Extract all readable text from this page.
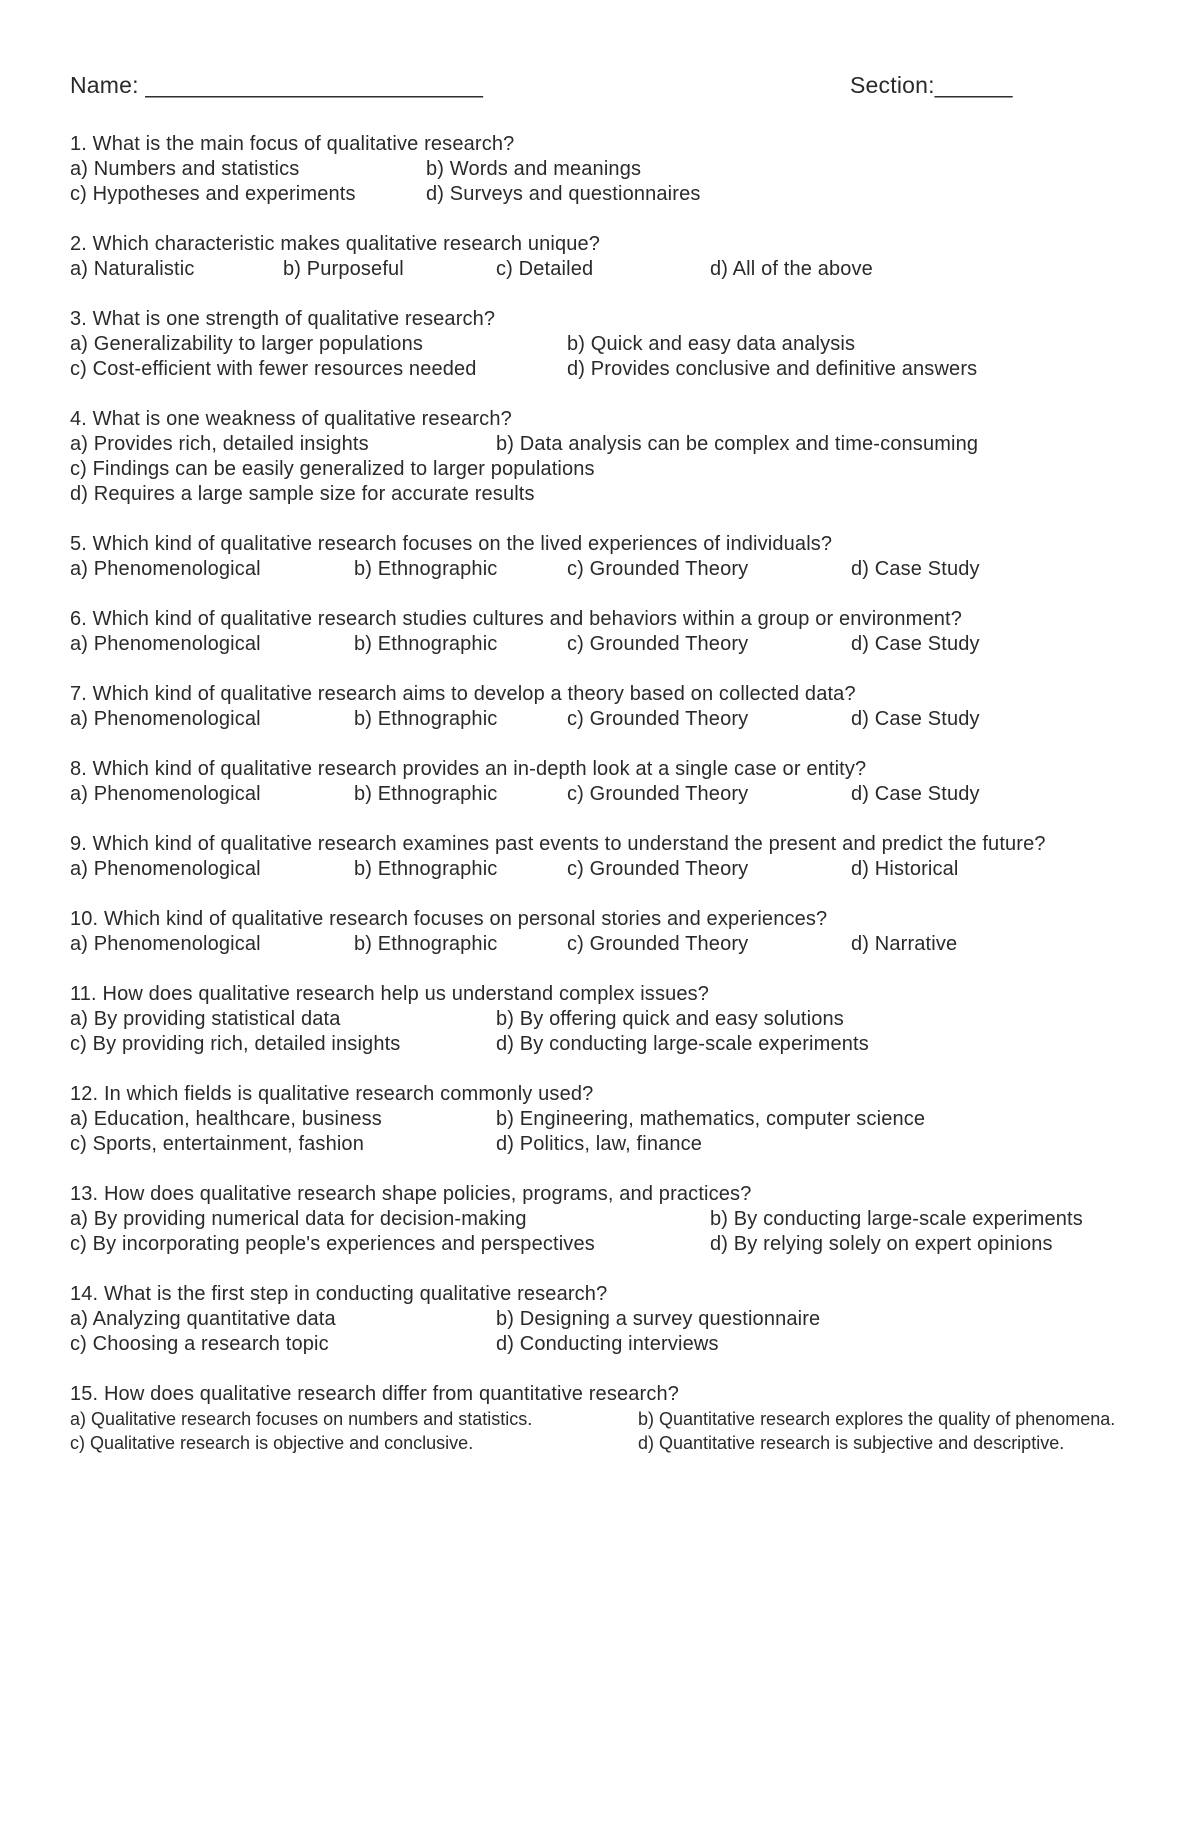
Name: __________________________	Section:______
1. What is the main focus of qualitative research?
a) Numbers and statistics	b) Words and meanings
c) Hypotheses and experiments	d) Surveys and questionnaires
2. Which characteristic makes qualitative research unique?
a) Naturalistic	b) Purposeful	c) Detailed	d) All of the above
3. What is one strength of qualitative research?
a) Generalizability to larger populations	b) Quick and easy data analysis
c) Cost-efficient with fewer resources needed	d) Provides conclusive and definitive answers
4. What is one weakness of qualitative research?
a) Provides rich, detailed insights	b) Data analysis can be complex and time-consuming
c) Findings can be easily generalized to larger populations
d) Requires a large sample size for accurate results
5. Which kind of qualitative research focuses on the lived experiences of individuals?
a) Phenomenological	b) Ethnographic	c) Grounded Theory	d) Case Study
6. Which kind of qualitative research studies cultures and behaviors within a group or environment?
a) Phenomenological	b) Ethnographic	c) Grounded Theory	d) Case Study
7. Which kind of qualitative research aims to develop a theory based on collected data?
a) Phenomenological	b) Ethnographic	c) Grounded Theory	d) Case Study
8. Which kind of qualitative research provides an in-depth look at a single case or entity?
a) Phenomenological	b) Ethnographic	c) Grounded Theory	d) Case Study
9. Which kind of qualitative research examines past events to understand the present and predict the future?
a) Phenomenological	b) Ethnographic	c) Grounded Theory	d) Historical
10. Which kind of qualitative research focuses on personal stories and experiences?
a) Phenomenological	b) Ethnographic	c) Grounded Theory	d) Narrative
11. How does qualitative research help us understand complex issues?
a) By providing statistical data	b) By offering quick and easy solutions
c) By providing rich, detailed insights	d) By conducting large-scale experiments
12. In which fields is qualitative research commonly used?
a) Education, healthcare, business	b) Engineering, mathematics, computer science
c) Sports, entertainment, fashion	d) Politics, law, finance
13. How does qualitative research shape policies, programs, and practices?
a) By providing numerical data for decision-making	b) By conducting large-scale experiments
c) By incorporating people's experiences and perspectives	d) By relying solely on expert opinions
14. What is the first step in conducting qualitative research?
a) Analyzing quantitative data	b) Designing a survey questionnaire
c) Choosing a research topic	d) Conducting interviews
15. How does qualitative research differ from quantitative research?
a) Qualitative research focuses on numbers and statistics.	b) Quantitative research explores the quality of phenomena.
c) Qualitative research is objective and conclusive.	d) Quantitative research is subjective and descriptive.
